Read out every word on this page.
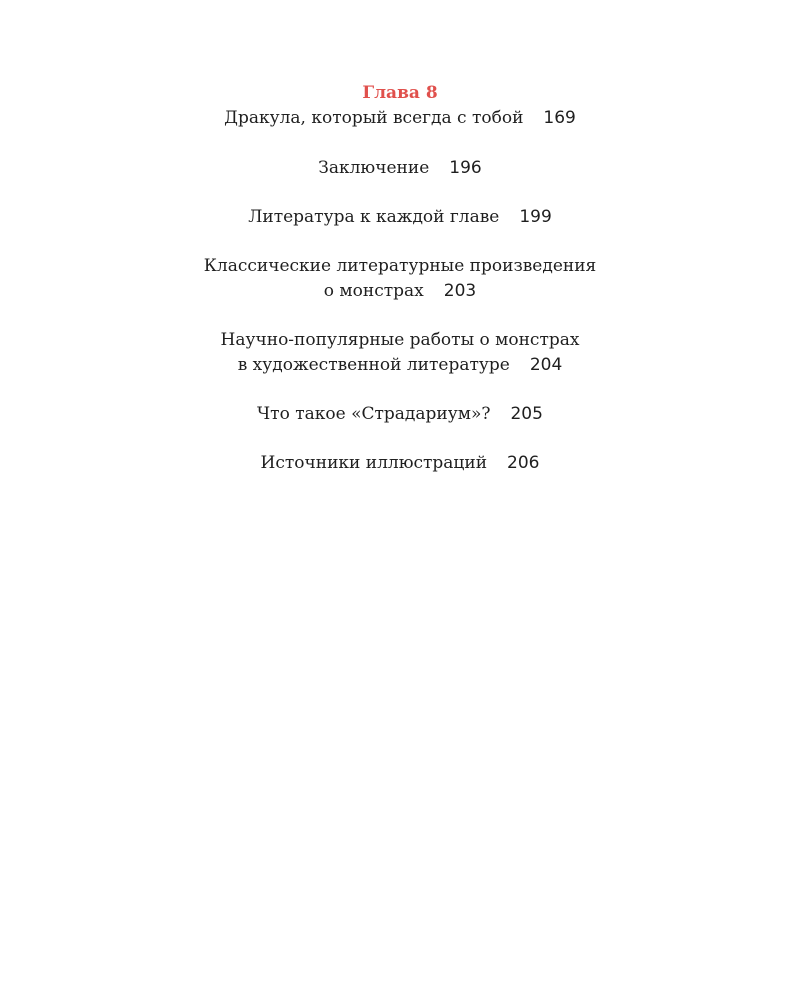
Глава 8
Дракула, который всегда с тобой 169
Заключение 196
Литература к каждой главе 199
Классические литературные произведения
о монстрах 203
Научно-популярные работы о монстрах
в художественной литературе 204
Что такое «Страдариум»? 205
Источники иллюстраций 206
